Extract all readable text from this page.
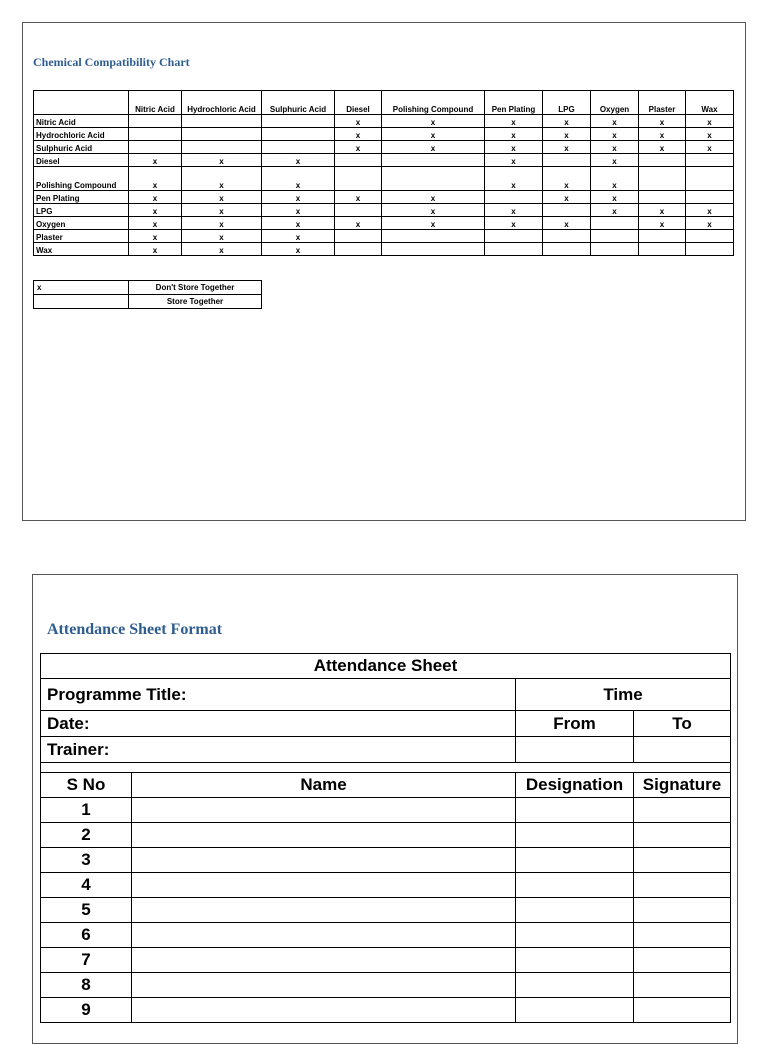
Chemical Compatibility Chart
	Nitric Acid	Hydrochloric Acid	Sulphuric Acid	Diesel	Polishing Compound	Pen Plating	LPG	Oxygen	Plaster	Wax
Nitric Acid				x	x	x	x	x	x	x
Hydrochloric Acid				x	x	x	x	x	x	x
Sulphuric Acid				x	x	x	x	x	x	x
Diesel	x	x	x			x		x		
Polishing Compound	x	x	x			x	x	x		
Pen Plating	x	x	x	x	x		x	x		
LPG	x	x	x		x	x		x	x	x
Oxygen	x	x	x	x	x	x	x		x	x
Plaster	x	x	x							
Wax	x	x	x							
x	Don't Store Together
	Store Together
Attendance Sheet Format
Attendance Sheet			
Programme Title:		Time	
Date:		From	To
Trainer:			

S No	Name	Designation	Signature
1			
2			
3			
4			
5			
6			
7			
8			
9			
